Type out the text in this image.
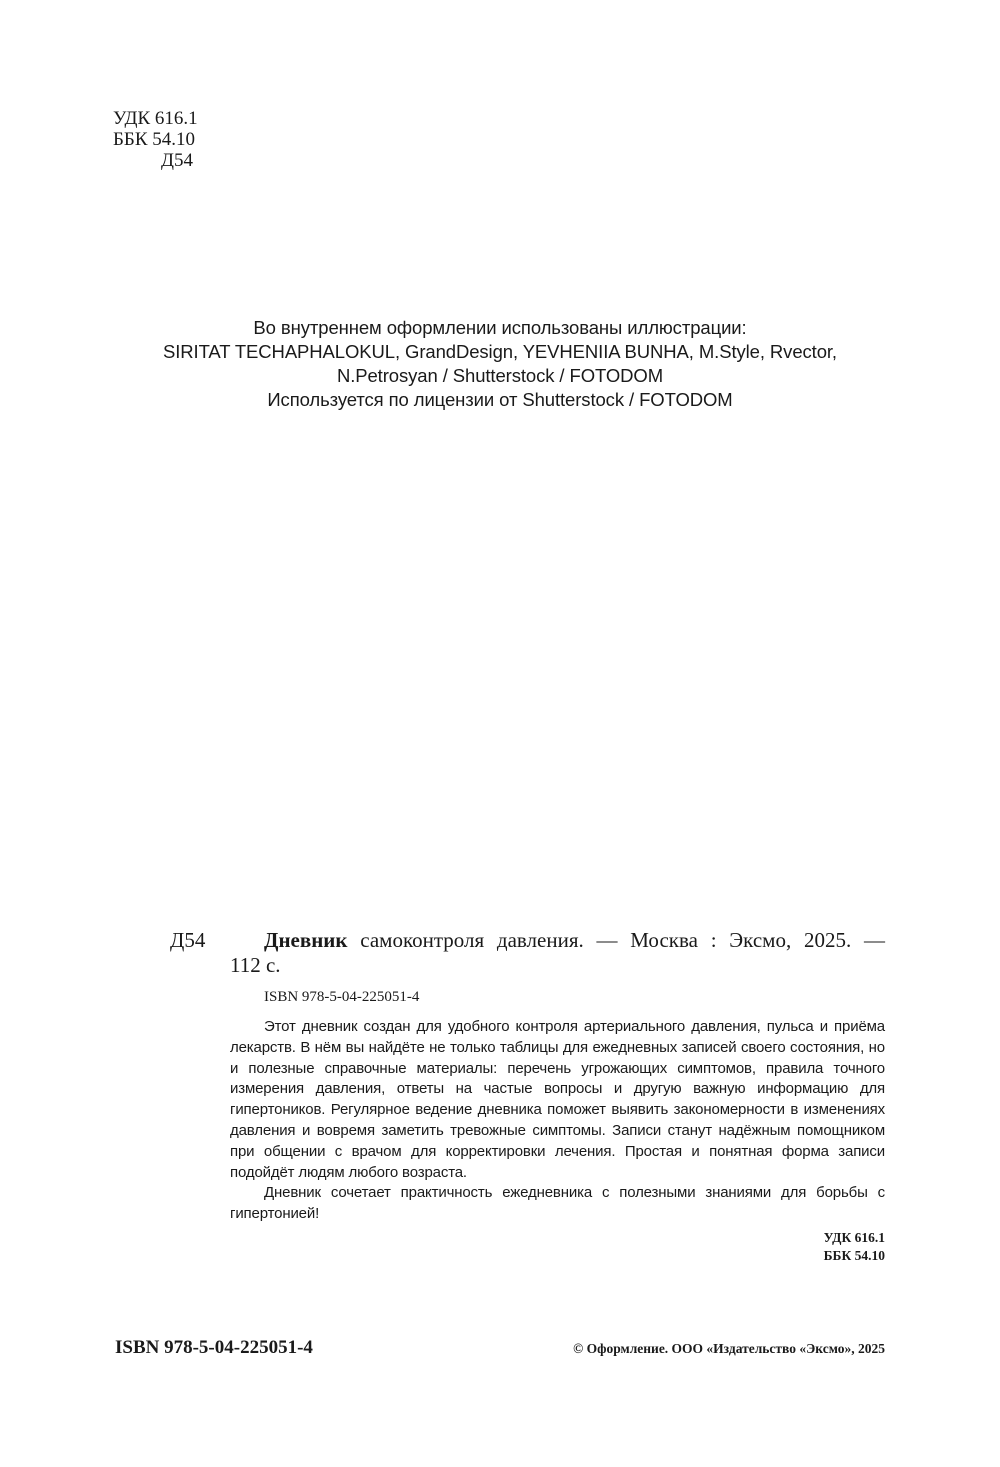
УДК 616.1
ББК 54.10
Д54
Во внутреннем оформлении использованы иллюстрации:
SIRITAT TECHAPHALOKUL, GrandDesign, YEVHENIIA BUNHA, M.Style, Rvector,
N.Petrosyan / Shutterstock / FOTODOM
Используется по лицензии от Shutterstock / FOTODOM
Д54	Дневник самоконтроля давления. — Москва : Эксмо, 2025. —
112 с.
ISBN 978-5-04-225051-4

Этот дневник создан для удобного контроля артериального давления, пульса и приёма лекарств. В нём вы найдёте не только таблицы для ежедневных записей своего состояния, но и полезные справочные материалы: перечень угрожающих симптомов, правила точного измерения давления, ответы на частые вопросы и другую важную информацию для гипертоников. Регулярное ведение дневника поможет выявить закономерности в изменениях давления и вовремя заметить тревожные симптомы. Записи станут надёжным помощником при общении с врачом для корректировки лечения. Простая и понятная форма записи подойдёт людям любого возраста.

Дневник сочетает практичность ежедневника с полезными знаниями для борьбы с гипертонией!

УДК 616.1
ББК 54.10
ISBN 978-5-04-225051-4	© Оформление. ООО «Издательство «Эксмо», 2025
